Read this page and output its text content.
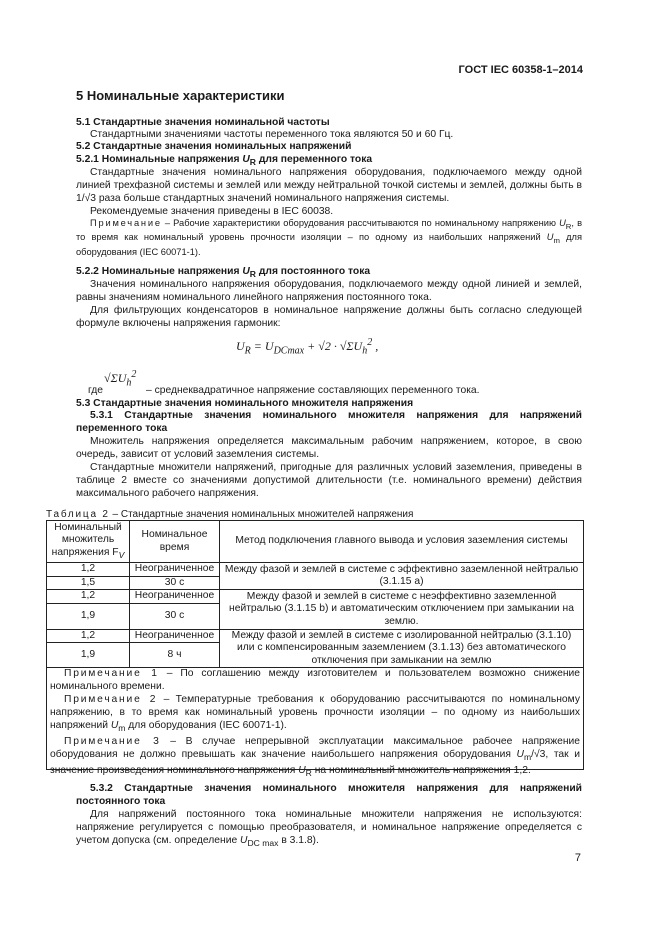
ГОСТ IEC 60358-1–2014
5 Номинальные характеристики
5.1 Стандартные значения номинальной частоты
Стандартными значениями частоты переменного тока являются 50 и 60 Гц.
5.2 Стандартные значения номинальных напряжений
5.2.1 Номинальные напряжения $U_R$ для переменного тока
Стандартные значения номинального напряжения оборудования, подключаемого между одной линией трехфазной системы и землей или между нейтральной точкой системы и землей, должны быть в 1/√3 раза больше стандартных значений номинального напряжения системы.
Рекомендуемые значения приведены в IEC 60038.
Примечание – Рабочие характеристики оборудования рассчитываются по номинальному напряжению $U_R$, в то время как номинальный уровень прочности изоляции – по одному из наибольших напряжений $U_m$ для оборудования (IEC 60071-1).
5.2.2 Номинальные напряжения $U_R$ для постоянного тока
Значения номинального напряжения оборудования, подключаемого между одной линией и землей, равны значениям номинального линейного напряжения постоянного тока.
Для фильтрующих конденсаторов в номинальное напряжение должны быть согласно следующей формуле включены напряжения гармоник:
$U_R = U_{DCmax} + √2 \cdot √\Sigma U_h^2$ ,
где
$√\Sigma U_h^2$
– среднеквадратичное напряжение составляющих переменного тока.
5.3 Стандартные значения номинального множителя напряжения
5.3.1 Стандартные значения номинального множителя напряжения для напряжений переменного тока
Множитель напряжения определяется максимальным рабочим напряжением, которое, в свою очередь, зависит от условий заземления системы.
Стандартные множители напряжений, пригодные для различных условий заземления, приведены в таблице 2 вместе со значениями допустимой длительности (т.е. номинального времени) действия максимального рабочего напряжения.
Таблица 2 – Стандартные значения номинальных множителей напряжения
Номинальный множитель напряжения $F_V$	Номинальное время	Метод подключения главного вывода и условия заземления системы
1,2	Неограниченное	Между фазой и землей в системе с эффективно заземленной нейтралью (3.1.15 a)
1,5	30 с	
1,2	Неограниченное	Между фазой и землей в системе с неэффективно заземленной нейтралью (3.1.15 b) и автоматическим отключением при замыкании на землю.
1,9	30 с	
1,2	Неограниченное	Между фазой и землей в системе с изолированной нейтралью (3.1.10) или с компенсированным заземлением (3.1.13) без автоматического отключения при замыкании на землю
1,9	8 ч	
Примечание 1 – По соглашению между изготовителем и пользователем возможно снижение номинального времени.
Примечание 2 – Температурные требования к оборудованию рассчитываются по номинальному напряжению, в то время как номинальный уровень прочности изоляции – по одному из наибольших напряжений $U_m$ для оборудования (IEC 60071-1).
Примечание 3 – В случае непрерывной эксплуатации максимальное рабочее напряжение оборудования не должно превышать как значение наибольшего напряжения оборудования $U_m/√3$, так и значение произведения номинального напряжения $U_R$ на номинальный множитель напряжения 1,2.
5.3.2 Стандартные значения номинального множителя напряжения для напряжений постоянного тока
Для напряжений постоянного тока номинальные множители напряжения не используются: напряжение регулируется с помощью преобразователя, и номинальное напряжение определяется с учетом допуска (см. определение $U_{DC max}$ в 3.1.8).
7
